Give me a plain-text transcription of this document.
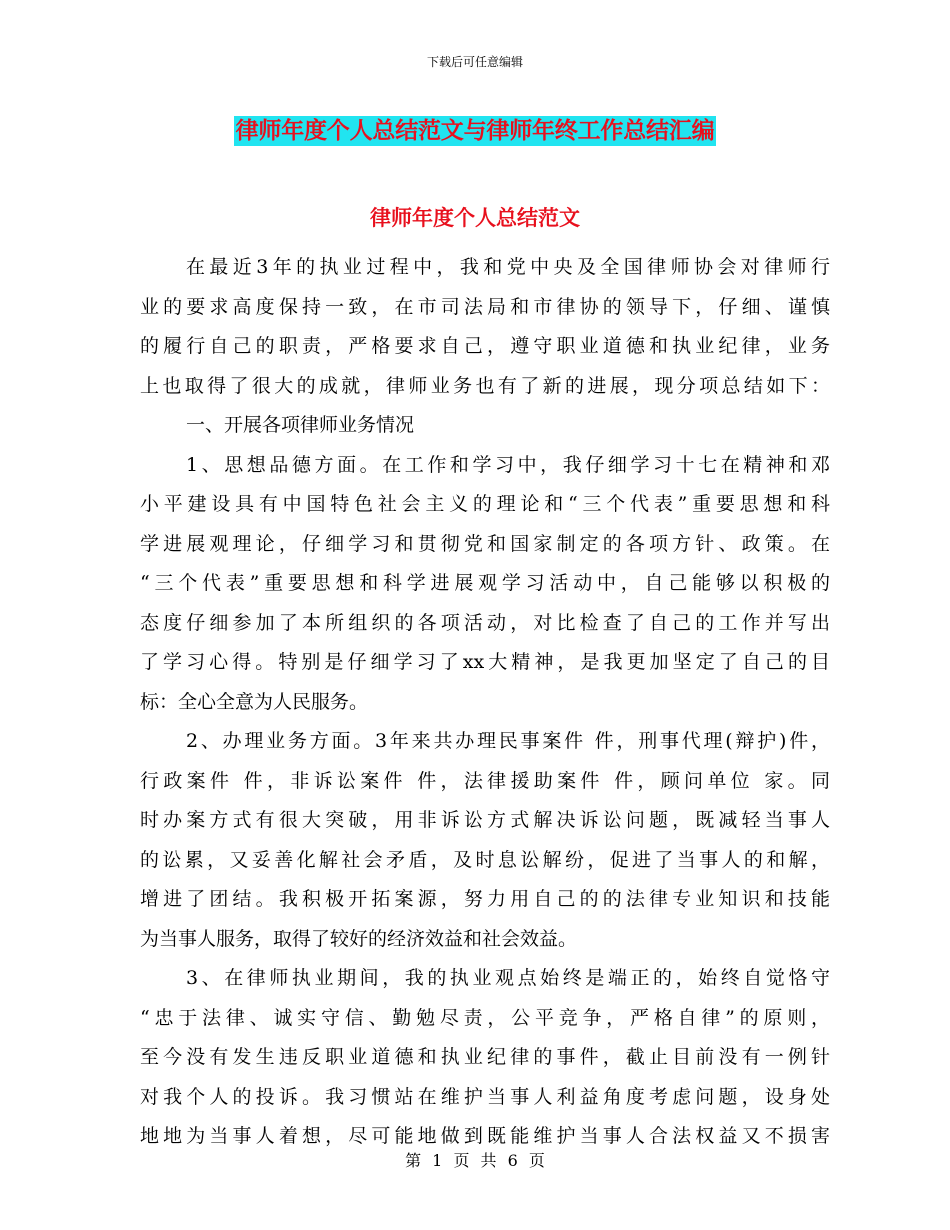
下载后可任意编辑
律师年度个人总结范文与律师年终工作总结汇编
律师年度个人总结范文
在最近3年的执业过程中，我和党中央及全国律师协会对律师行
业的要求高度保持一致，在市司法局和市律协的领导下，仔细、谨慎
的履行自己的职责，严格要求自己，遵守职业道德和执业纪律，业务
上也取得了很大的成就，律师业务也有了新的进展，现分项总结如下：
一、开展各项律师业务情况
1、思想品德方面。在工作和学习中，我仔细学习十七在精神和邓
小平建设具有中国特色社会主义的理论和“三个代表”重要思想和科
学进展观理论，仔细学习和贯彻党和国家制定的各项方针、政策。在
“三个代表”重要思想和科学进展观学习活动中，自己能够以积极的
态度仔细参加了本所组织的各项活动，对比检查了自己的工作并写出
了学习心得。特别是仔细学习了xx大精神，是我更加坚定了自己的目
标：全心全意为人民服务。
2、办理业务方面。3年来共办理民事案件 件，刑事代理(辩护)件，
行政案件 件，非诉讼案件 件，法律援助案件 件，顾问单位 家。同
时办案方式有很大突破，用非诉讼方式解决诉讼问题，既减轻当事人
的讼累，又妥善化解社会矛盾，及时息讼解纷，促进了当事人的和解，
增进了团结。我积极开拓案源，努力用自己的的法律专业知识和技能
为当事人服务，取得了较好的经济效益和社会效益。
3、在律师执业期间，我的执业观点始终是端正的，始终自觉恪守
“忠于法律、诚实守信、勤勉尽责，公平竞争，严格自律”的原则，
至今没有发生违反职业道德和执业纪律的事件，截止目前没有一例针
对我个人的投诉。我习惯站在维护当事人利益角度考虑问题，设身处
地地为当事人着想，尽可能地做到既能维护当事人合法权益又不损害
第 1 页 共 6 页
